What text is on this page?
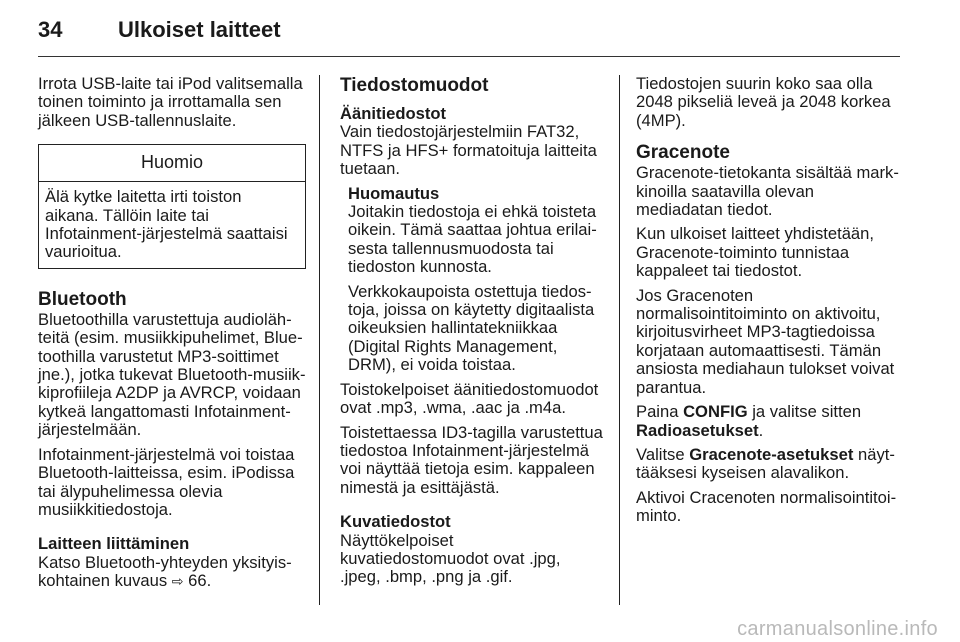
34	Ulkoiset laitteet

Irrota USB-laite tai iPod valitsemalla toinen toiminto ja irrottamalla sen jälkeen USB-tallennuslaite.

Huomio
Älä kytke laitetta irti toiston aikana. Tällöin laite tai Infotainment-järjestelmä saattaisi vaurioitua.
Bluetooth

Bluetoothilla varustettuja audiolähteitä (esim. musiikkipuhelimet, Bluetoothilla varustetut MP3-soittimet jne.), jotka tukevat Bluetooth-musiikkiprofiileja A2DP ja AVRCP, voidaan kytkeä langattomasti Infotainment-järjestelmään.

Infotainment-järjestelmä voi toistaa Bluetooth-laitteissa, esim. iPodissa tai älypuhelimessa olevia musiikkitiedostoja.

Laitteen liittäminen

Katso Bluetooth-yhteyden yksityiskohtainen kuvaus ⇨ 66.

Tiedostomuodot
Äänitiedostot

Vain tiedostojärjestelmiin FAT32, NTFS ja HFS+ formatoituja laitteita tuetaan.

Huomautus

Joitakin tiedostoja ei ehkä toisteta oikein. Tämä saattaa johtua erilaisesta tallennusmuodosta tai tiedoston kunnosta.

Verkkokaupoista ostettuja tiedostoja, joissa on käytetty digitaalista oikeuksien hallintatekniikkaa (Digital Rights Management, DRM), ei voida toistaa.

Toistokelpoiset äänitiedostomuodot ovat .mp3, .wma, .aac ja .m4a.

Toistettaessa ID3-tagilla varustettua tiedostoa Infotainment-järjestelmä voi näyttää tietoja esim. kappaleen nimestä ja esittäjästä.

Kuvatiedostot

Näyttökelpoiset kuvatiedostomuodot ovat .jpg, .jpeg, .bmp, .png ja .gif.

Tiedostojen suurin koko saa olla 2048 pikseliä leveä ja 2048 korkea (4MP).

Gracenote

Gracenote-tietokanta sisältää markkinoilla saatavilla olevan mediadatan tiedot.

Kun ulkoiset laitteet yhdistetään, Gracenote-toiminto tunnistaa kappaleet tai tiedostot.

Jos Gracenoten normalisointitoiminto on aktivoitu, kirjoitusvirheet MP3-tagtiedoissa korjataan automaattisesti. Tämän ansiosta mediahaun tulokset voivat parantua.

Paina CONFIG ja valitse sitten Radioasetukset.

Valitse Gracenote-asetukset näyttääksesi kyseisen alavalikon.

Aktivoi Cracenoten normalisointitoiminto.

carmanualsonline.info
